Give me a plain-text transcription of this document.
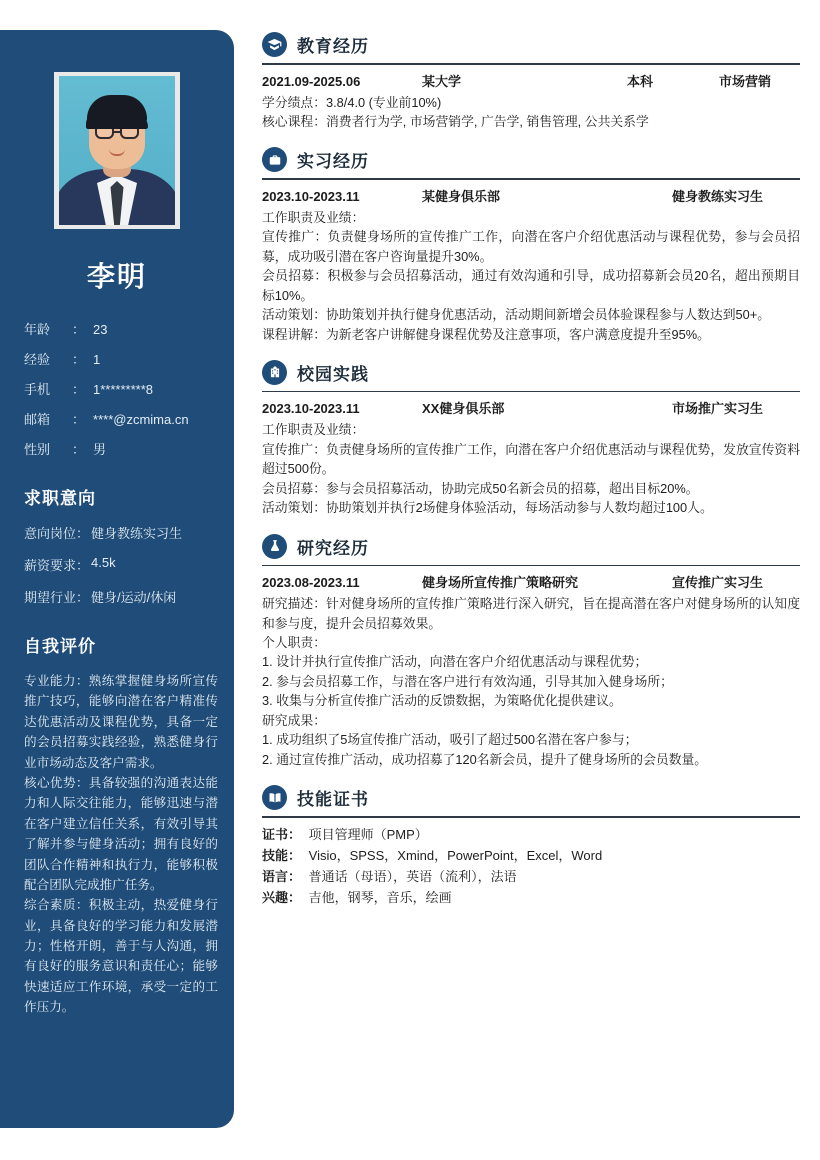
李明
年龄	： 23
经验	： 1
手机	： 1*********8
邮箱	： ****@zcmima.cn
性别	： 男
求职意向
意向岗位： 健身教练实习生
薪资要求： 4.5k
期望行业： 健身/运动/休闲
自我评价

专业能力：熟练掌握健身场所宣传推广技巧，能够向潜在客户精准传达优惠活动及课程优势，具备一定的会员招募实践经验，熟悉健身行业市场动态及客户需求。

核心优势：具备较强的沟通表达能力和人际交往能力，能够迅速与潜在客户建立信任关系，有效引导其了解并参与健身活动；拥有良好的团队合作精神和执行力，能够积极配合团队完成推广任务。

综合素质：积极主动，热爱健身行业，具备良好的学习能力和发展潜力；性格开朗，善于与人沟通，拥有良好的服务意识和责任心；能够快速适应工作环境，承受一定的工作压力。

教育经历
2021.09-2025.06	某大学	本科	市场营销
学分绩点：3.8/4.0 (专业前10%)
核心课程：消费者行为学, 市场营销学, 广告学, 销售管理, 公共关系学
实习经历
2023.10-2023.11	某健身俱乐部	健身教练实习生
工作职责及业绩：
宣传推广：负责健身场所的宣传推广工作，向潜在客户介绍优惠活动与课程优势，参与会员招募，成功吸引潜在客户咨询量提升30%。
会员招募：积极参与会员招募活动，通过有效沟通和引导，成功招募新会员20名，超出预期目标10%。
活动策划：协助策划并执行健身优惠活动，活动期间新增会员体验课程参与人数达到50+。
课程讲解：为新老客户讲解健身课程优势及注意事项，客户满意度提升至95%。
校园实践
2023.10-2023.11	XX健身俱乐部	市场推广实习生
工作职责及业绩：
宣传推广：负责健身场所的宣传推广工作，向潜在客户介绍优惠活动与课程优势，发放宣传资料超过500份。
会员招募：参与会员招募活动，协助完成50名新会员的招募，超出目标20%。
活动策划：协助策划并执行2场健身体验活动，每场活动参与人数均超过100人。
研究经历
2023.08-2023.11	健身场所宣传推广策略研究	宣传推广实习生
研究描述：针对健身场所的宣传推广策略进行深入研究，旨在提高潜在客户对健身场所的认知度和参与度，提升会员招募效果。
个人职责：
1. 设计并执行宣传推广活动，向潜在客户介绍优惠活动与课程优势；
2. 参与会员招募工作，与潜在客户进行有效沟通，引导其加入健身场所；
3. 收集与分析宣传推广活动的反馈数据，为策略优化提供建议。
研究成果：
1. 成功组织了5场宣传推广活动，吸引了超过500名潜在客户参与；
2. 通过宣传推广活动，成功招募了120名新会员，提升了健身场所的会员数量。
技能证书
证书： 项目管理师（PMP）
技能： Visio，SPSS，Xmind，PowerPoint，Excel，Word
语言： 普通话（母语），英语（流利），法语
兴趣： 吉他，钢琴，音乐，绘画
